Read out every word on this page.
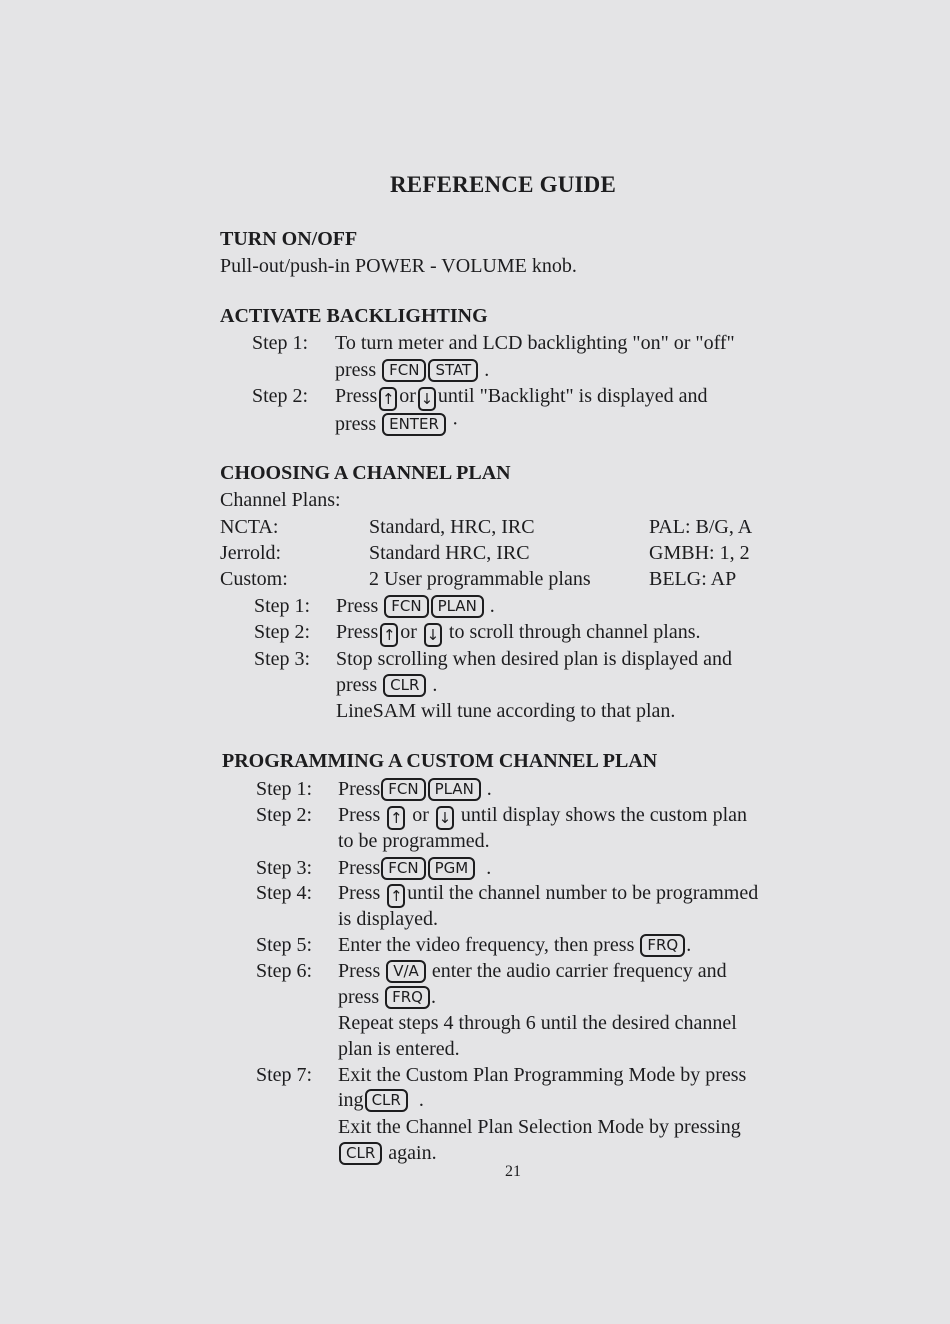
REFERENCE GUIDE
TURN ON/OFF
Pull-out/push-in POWER - VOLUME knob.
ACTIVATE BACKLIGHTING
Step 1: To turn meter and LCD backlighting "on" or "off"
press FCN STAT .
Step 2: Press ↑ or ↓ until "Backlight" is displayed and
press ENTER ·
CHOOSING A CHANNEL PLAN
Channel Plans:
NCTA:	Standard, HRC, IRC	PAL: B/G, A
Jerrold:	Standard HRC, IRC	GMBH: 1, 2
Custom:	2 User programmable plans	BELG: AP
Step 1: Press FCN PLAN .
Step 2: Press ↑ or ↓ to scroll through channel plans.
Step 3: Stop scrolling when desired plan is displayed and
press CLR .
LineSAM will tune according to that plan.
PROGRAMMING A CUSTOM CHANNEL PLAN
Step 1: Press FCN PLAN .
Step 2: Press ↑ or ↓ until display shows the custom plan
to be programmed.
Step 3: Press FCN PGM .
Step 4: Press ↑ until the channel number to be programmed
is displayed.
Step 5: Enter the video frequency, then press FRQ .
Step 6: Press V/A enter the audio carrier frequency and
press FRQ .
Repeat steps 4 through 6 until the desired channel
plan is entered.
Step 7: Exit the Custom Plan Programming Mode by press
ing CLR .
Exit the Channel Plan Selection Mode by pressing
CLR again.
21
